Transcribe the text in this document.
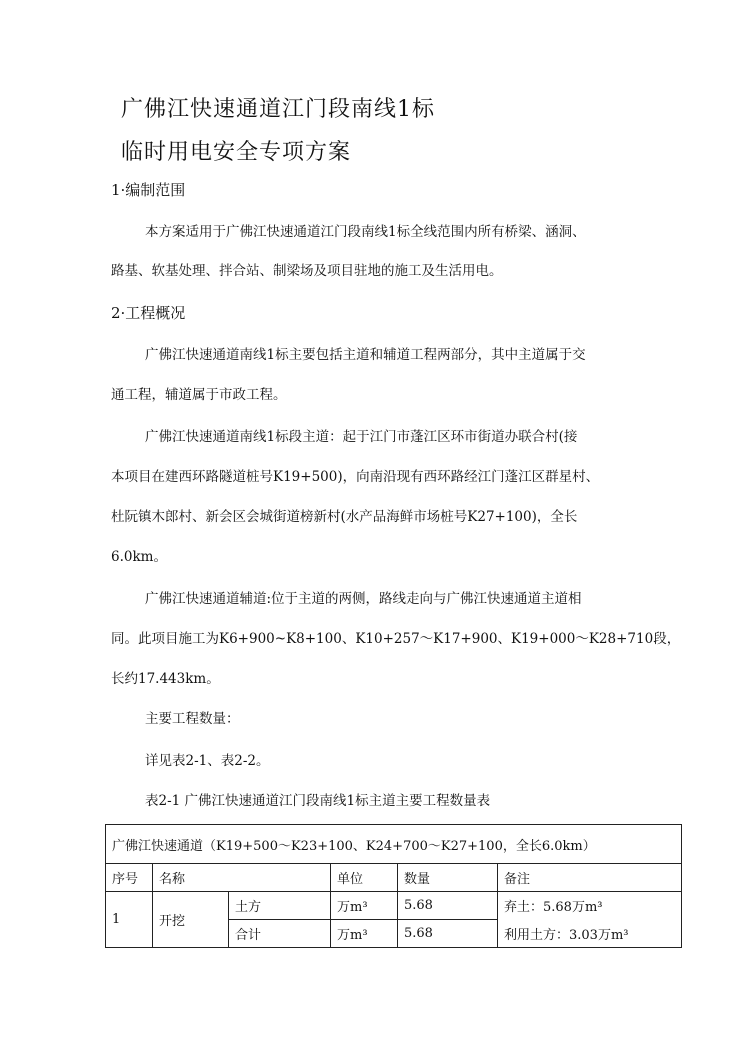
广佛江快速通道江门段南线1标
临时用电安全专项方案
1·编制范围
本方案适用于广佛江快速通道江门段南线1标全线范围内所有桥梁、涵洞、
路基、软基处理、拌合站、制梁场及项目驻地的施工及生活用电。
2·工程概况
广佛江快速通道南线1标主要包括主道和辅道工程两部分，其中主道属于交
通工程，辅道属于市政工程。
广佛江快速通道南线1标段主道：起于江门市蓬江区环市街道办联合村(接
本项目在建西环路隧道桩号K19+500)，向南沿现有西环路经江门蓬江区群星村、
杜阮镇木郎村、新会区会城街道榜新村(水产品海鲜市场桩号K27+100)，全长
6.0km。
广佛江快速通道辅道:位于主道的两侧，路线走向与广佛江快速通道主道相
同。此项目施工为K6+900~K8+100、K10+257～K17+900、K19+000～K28+710段，
长约17.443km。
主要工程数量：
详见表2-1、表2-2。
表2-1 广佛江快速通道江门段南线1标主道主要工程数量表
广佛江快速通道（K19+500～K23+100、K24+700～K27+100，全长6.0km）					
序号	名称		单位	数量	备注
1	开挖	土方	万m³	5.68	弃土：5.68万m³
		合计	万m³	5.68	利用土方：3.03万m³
